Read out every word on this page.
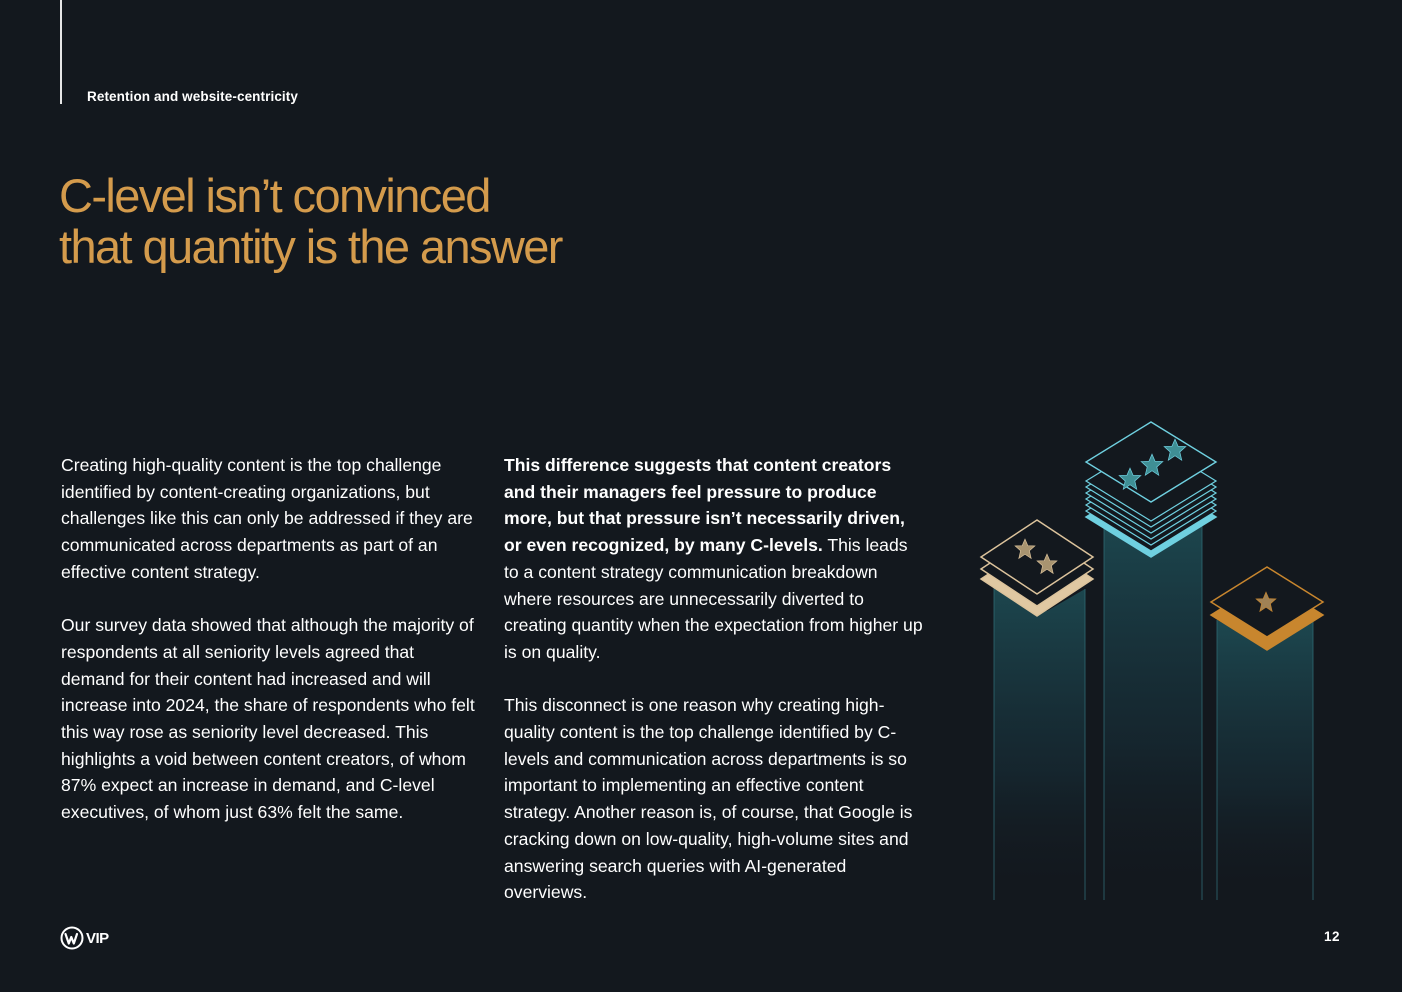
Retention and website-centricity
C-level isn’t convinced
that quantity is the answer

Creating high-quality content is the top challenge identified by content-creating organizations, but challenges like this can only be addressed if they are communicated across departments as part of an effective content strategy.

Our survey data showed that although the majority of respondents at all seniority levels agreed that demand for their content had increased and will increase into 2024, the share of respondents who felt this way rose as seniority level decreased. This highlights a void between content creators, of whom 87% expect an increase in demand, and C-level executives, of whom just 63% felt the same.

This difference suggests that content creators and their managers feel pressure to produce more, but that pressure isn’t necessarily driven, or even recognized, by many C-levels. This leads to a content strategy communication breakdown where resources are unnecessarily diverted to creating quantity when the expectation from higher up is on quality.

This disconnect is one reason why creating high-quality content is the top challenge identified by C-levels and communication across departments is so important to implementing an effective content strategy. Another reason is, of course, that Google is cracking down on low-quality, high-volume sites and answering search queries with AI-generated overviews.

VIP	12
